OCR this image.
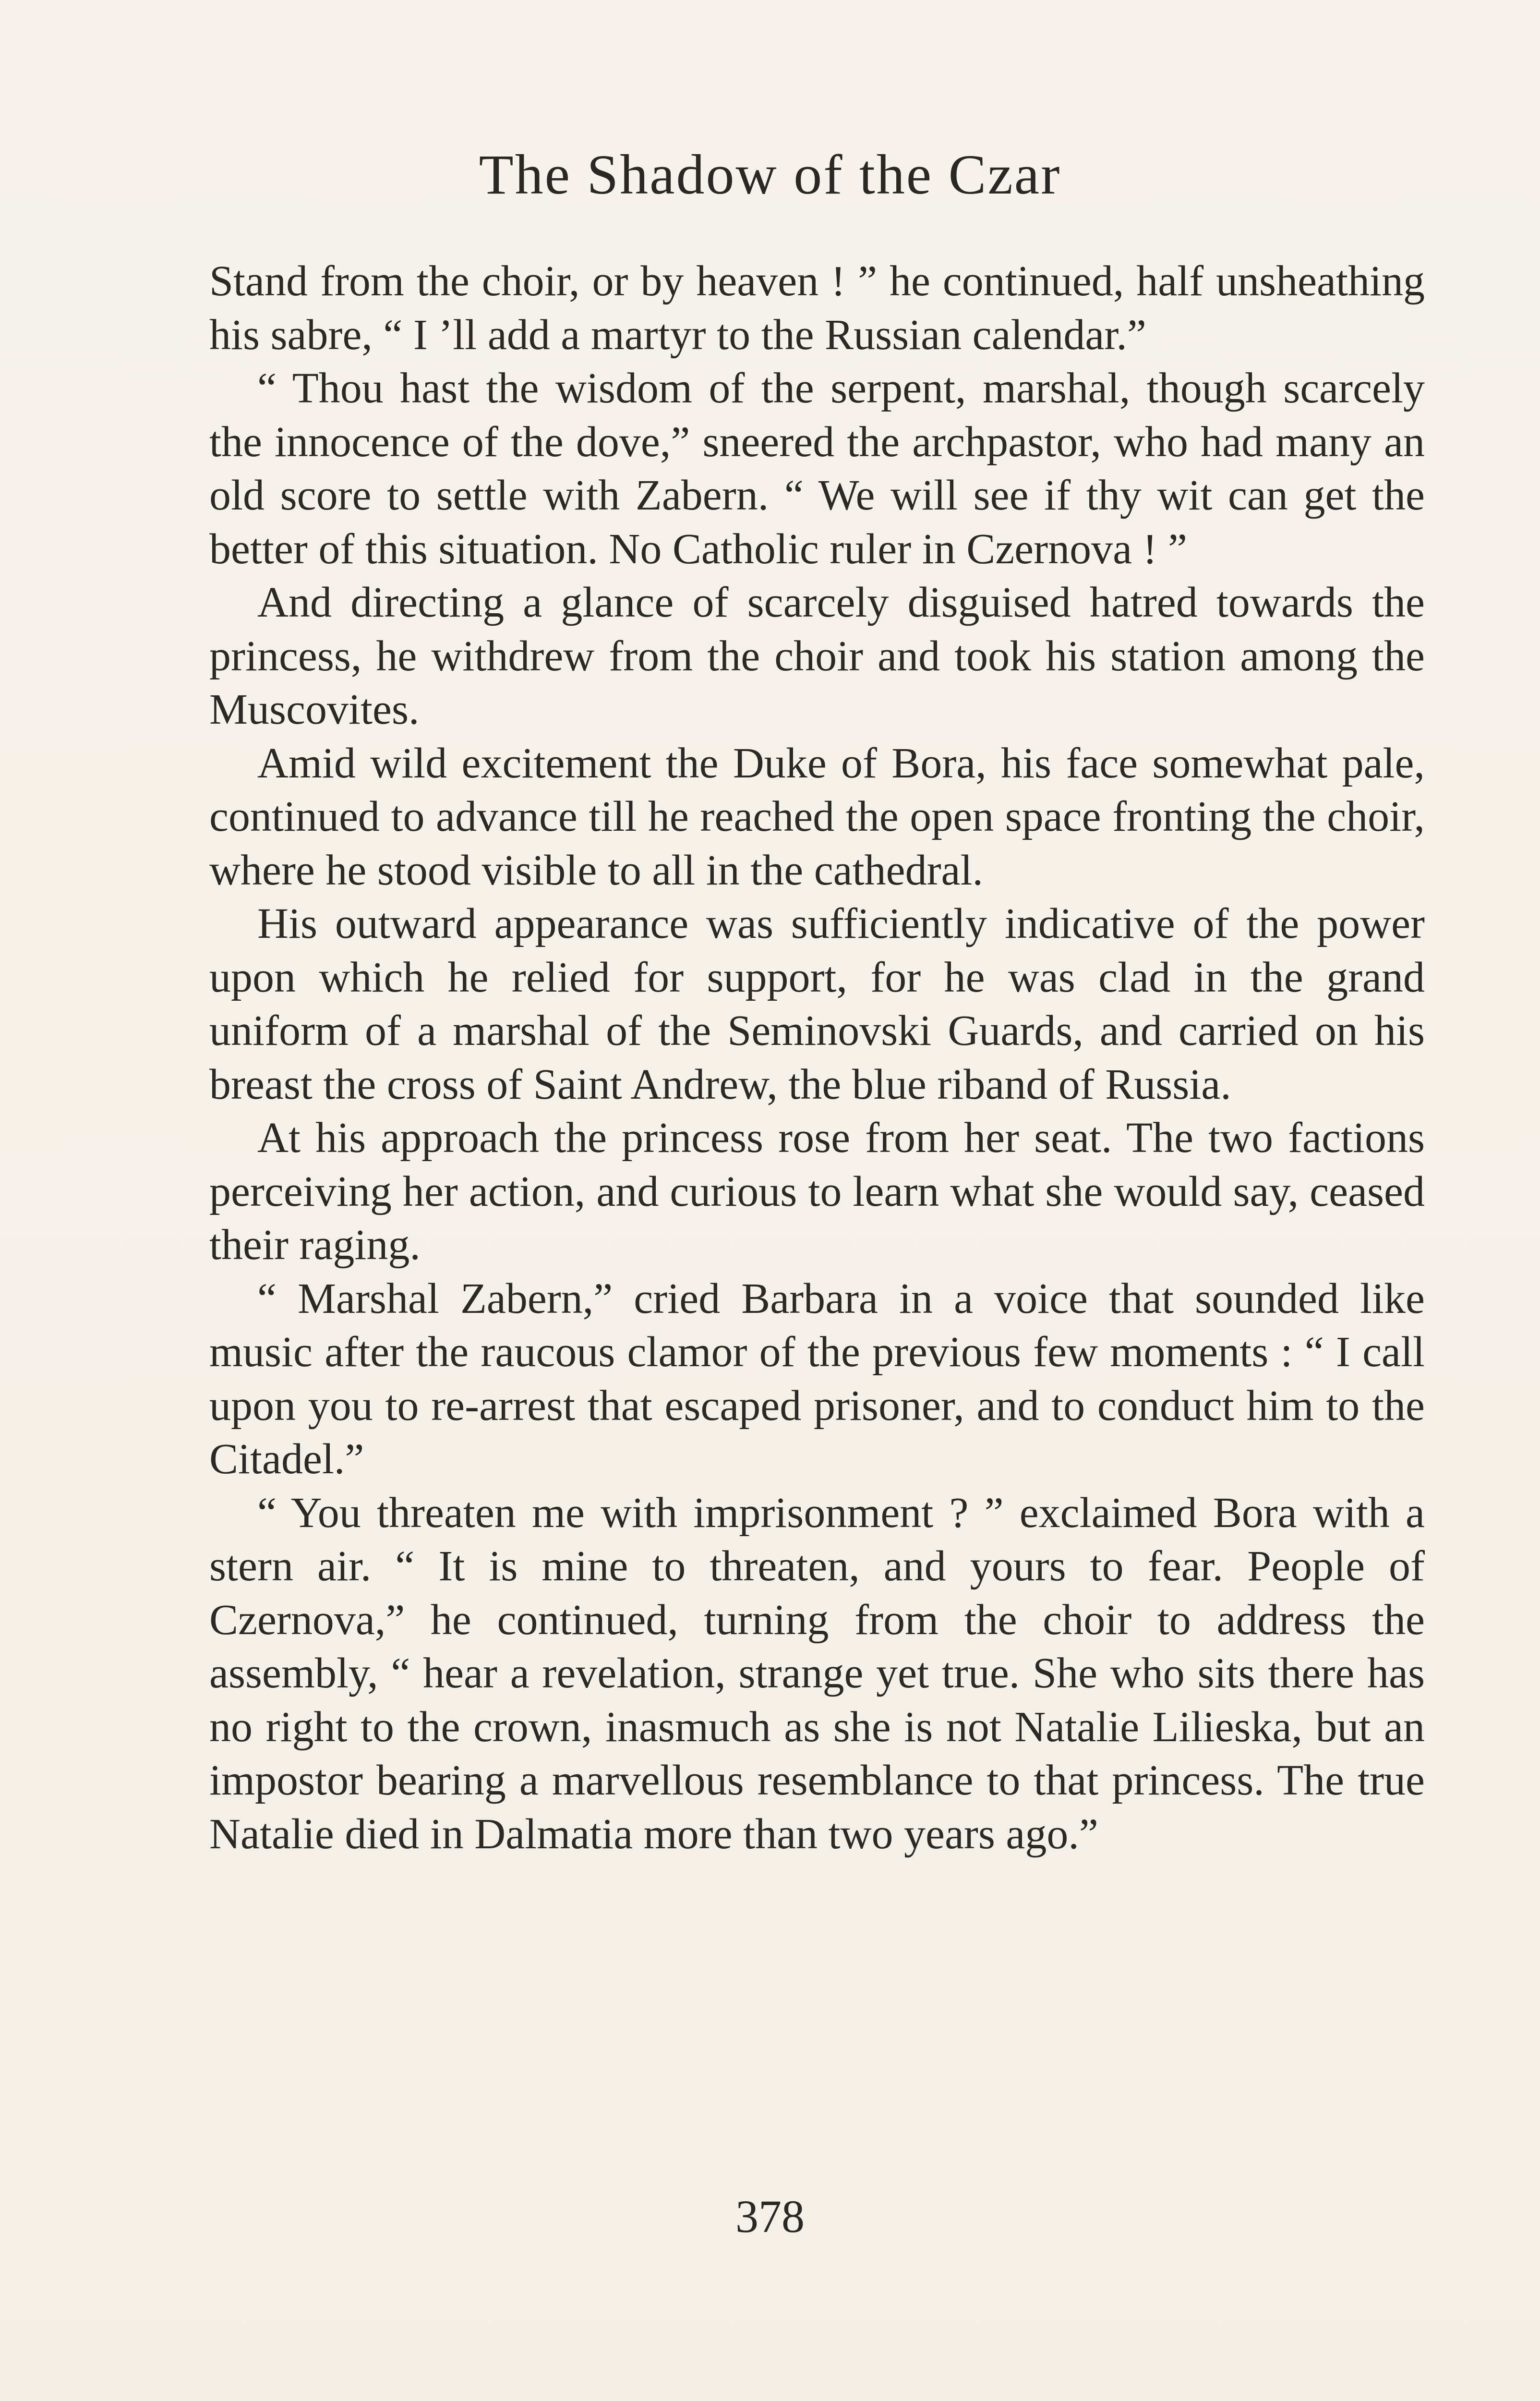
The Shadow of the Czar

Stand from the choir, or by heaven ! ” he continued, half unsheathing his sabre, “ I ’ll add a martyr to the Russian calendar.”

“ Thou hast the wisdom of the serpent, marshal, though scarcely the innocence of the dove,” sneered the archpastor, who had many an old score to settle with Zabern. “ We will see if thy wit can get the better of this situation. No Catholic ruler in Czernova ! ”

And directing a glance of scarcely disguised hatred towards the princess, he withdrew from the choir and took his station among the Muscovites.

Amid wild excitement the Duke of Bora, his face somewhat pale, continued to advance till he reached the open space fronting the choir, where he stood visible to all in the cathedral.

His outward appearance was sufficiently indicative of the power upon which he relied for support, for he was clad in the grand uniform of a marshal of the Seminovski Guards, and carried on his breast the cross of Saint Andrew, the blue riband of Russia.

At his approach the princess rose from her seat. The two factions perceiving her action, and curious to learn what she would say, ceased their raging.

“ Marshal Zabern,” cried Barbara in a voice that sounded like music after the raucous clamor of the previous few moments : “ I call upon you to re-arrest that escaped prisoner, and to conduct him to the Citadel.”

“ You threaten me with imprisonment ? ” exclaimed Bora with a stern air. “ It is mine to threaten, and yours to fear. People of Czernova,” he continued, turning from the choir to address the assembly, “ hear a revelation, strange yet true. She who sits there has no right to the crown, inasmuch as she is not Natalie Lilieska, but an impostor bearing a marvellous resemblance to that princess. The true Natalie died in Dalmatia more than two years ago.”

378
